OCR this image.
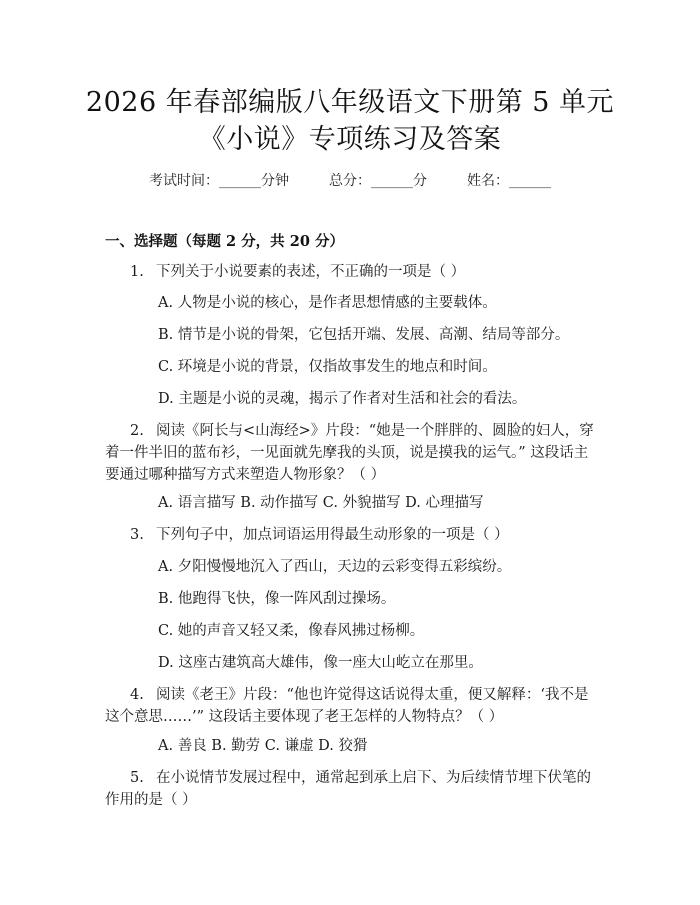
2026 年春部编版八年级语文下册第 5 单元
《小说》专项练习及答案
考试时间：______分钟	总分：______分	姓名：______
一、选择题（每题 2 分，共 20 分）
1. 下列关于小说要素的表述，不正确的一项是（ ）
A. 人物是小说的核心，是作者思想情感的主要载体。
B. 情节是小说的骨架，它包括开端、发展、高潮、结局等部分。
C. 环境是小说的背景，仅指故事发生的地点和时间。
D. 主题是小说的灵魂，揭示了作者对生活和社会的看法。
2. 阅读《阿长与<山海经>》片段：“她是一个胖胖的、圆脸的妇人，穿着一件半旧的蓝布衫，一见面就先摩我的头顶，说是摸我的运气。” 这段话主要通过哪种描写方式来塑造人物形象？（ ）
A. 语言描写 B. 动作描写 C. 外貌描写 D. 心理描写
3. 下列句子中，加点词语运用得最生动形象的一项是（ ）
A. 夕阳慢慢地沉入了西山，天边的云彩变得五彩缤纷。
B. 他跑得飞快，像一阵风刮过操场。
C. 她的声音又轻又柔，像春风拂过杨柳。
D. 这座古建筑高大雄伟，像一座大山屹立在那里。
4. 阅读《老王》片段：“他也许觉得这话说得太重，便又解释：‘我不是这个意思……’” 这段话主要体现了老王怎样的人物特点？（ ）
A. 善良 B. 勤劳 C. 谦虚 D. 狡猾
5. 在小说情节发展过程中，通常起到承上启下、为后续情节埋下伏笔的作用的是（ ）
